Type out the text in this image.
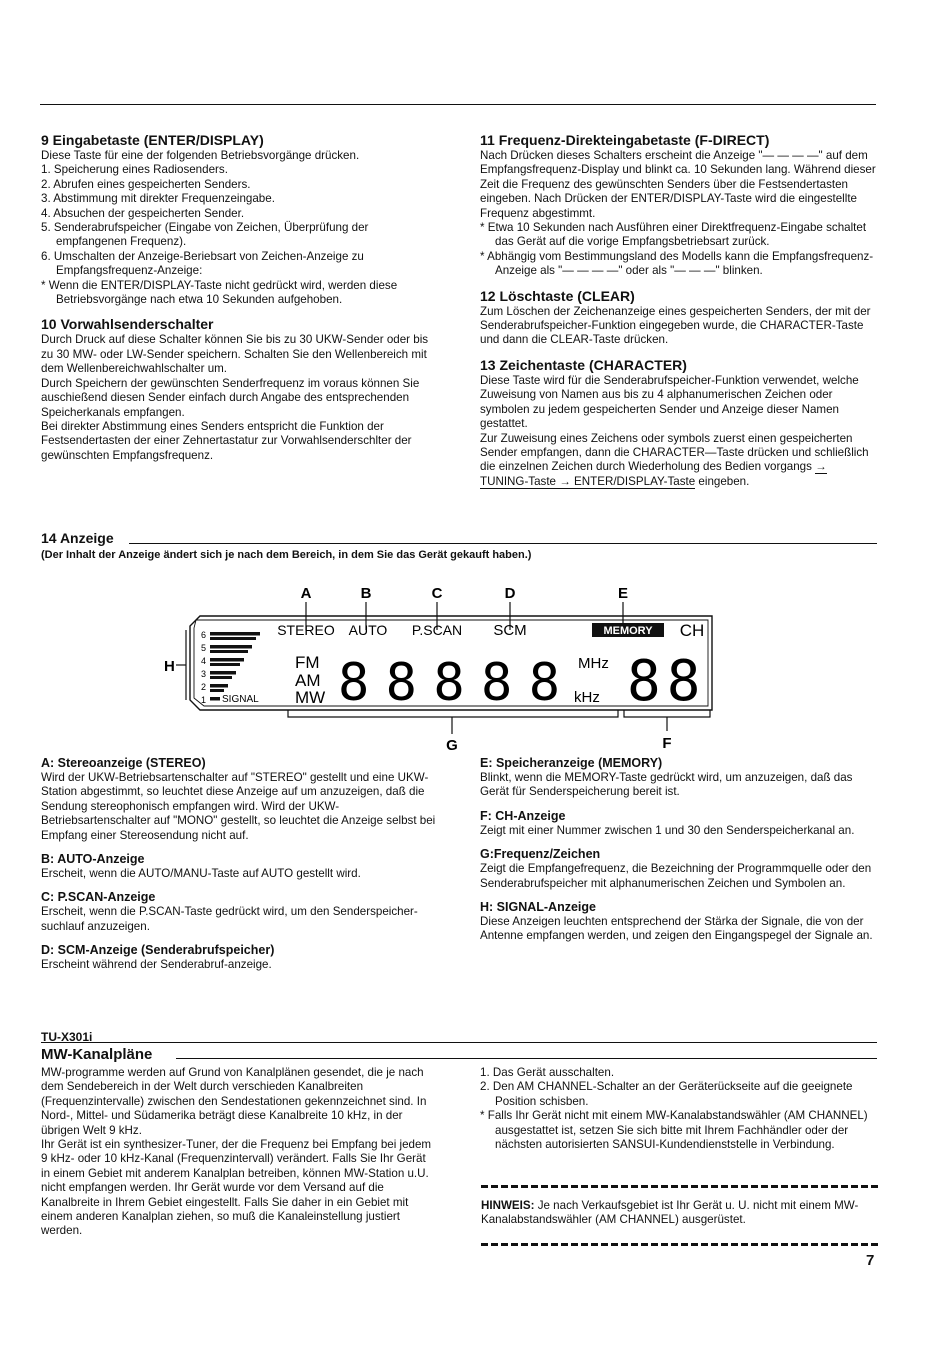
9 Eingabetaste (ENTER/DISPLAY)

Diese Taste für eine der folgenden Betriebsvorgänge drücken.

1. Speicherung eines Radiosenders.

2. Abrufen eines gespeicherten Senders.

3. Abstimmung mit direkter Frequenzeingabe.

4. Absuchen der gespeicherten Sender.

5. Senderabrufspeicher (Eingabe von Zeichen, Überprüfung der empfangenen Frequenz).

6. Umschalten der Anzeige-Beriebsart von Zeichen-Anzeige zu Empfangsfrequenz-Anzeige:

* Wenn die ENTER/DISPLAY-Taste nicht gedrückt wird, werden diese Betriebsvorgänge nach etwa 10 Sekunden aufgehoben.

10 Vorwahlsenderschalter

Durch Druck auf diese Schalter können Sie bis zu 30 UKW-Sender oder bis zu 30 MW- oder LW-Sender speichern. Schalten Sie den Wellenbereich mit dem Wellenbereichwahlschalter um.

Durch Speichern der gewünschten Senderfrequenz im voraus können Sie auschießend diesen Sender einfach durch Angabe des entsprechenden Speicherkanals empfangen.

Bei direkter Abstimmung eines Senders entspricht die Funktion der Festsendertasten der einer Zehnertastatur zur Vorwahlsenderschlter der gewünschten Empfangsfrequenz.

11 Frequenz-Direkteingabetaste (F-DIRECT)

Nach Drücken dieses Schalters erscheint die Anzeige "— — — —" auf dem Empfangsfrequenz-Display und blinkt ca. 10 Sekunden lang. Während dieser Zeit die Frequenz des gewünschten Senders über die Festsendertasten eingeben. Nach Drücken der ENTER/DISPLAY-Taste wird die eingestellte Frequenz abgestimmt.

* Etwa 10 Sekunden nach Ausführen einer Direktfrequenz-Eingabe schaltet das Gerät auf die vorige Empfangsbetriebsart zurück.

* Abhängig vom Bestimmungsland des Modells kann die Empfangsfrequenz-Anzeige als "— — — —" oder als "— — —" blinken.

12 Löschtaste (CLEAR)

Zum Löschen der Zeichenanzeige eines gespeicherten Senders, der mit der Senderabrufspeicher-Funktion eingegeben wurde, die CHARACTER-Taste und dann die CLEAR-Taste drücken.

13 Zeichentaste (CHARACTER)

Diese Taste wird für die Senderabrufspeicher-Funktion verwendet, welche Zuweisung von Namen aus bis zu 4 alphanumerischen Zeichen oder symbolen zu jedem gespeicherten Sender und Anzeige dieser Namen gestattet.

Zur Zuweisung eines Zeichens oder symbols zuerst einen gespeicherten Sender empfangen, dann die CHARACTER—Taste drücken und schließlich die einzelnen Zeichen durch Wiederholung des Bedien vorgangs → TUNING-Taste → ENTER/DISPLAY-Taste eingeben.

14 Anzeige
(Der Inhalt der Anzeige ändert sich je nach dem Bereich, in dem Sie das Gerät gekauft haben.)
A	B	C	D	E
H
6
5
4
3
2
1 SIGNAL
STEREO AUTO P.SCAN SCM	MEMORY CH
FM
AM
MW 88888 MHz
kHz 88
G	F

A: Stereoanzeige (STEREO)

Wird der UKW-Betriebsartenschalter auf "STEREO" gestellt und eine UKW-Station abgestimmt, so leuchtet diese Anzeige auf um anzuzeigen, daß die Sendung stereophonisch empfangen wird. Wird der UKW-Betriebsartenschalter auf "MONO" gestellt, so leuchtet die Anzeige selbst bei Empfang einer Stereosendung nicht auf.

B: AUTO-Anzeige

Erscheit, wenn die AUTO/MANU-Taste auf AUTO gestellt wird.

C: P.SCAN-Anzeige

Erscheit, wenn die P.SCAN-Taste gedrückt wird, um den Senderspeicher-suchlauf anzuzeigen.

D: SCM-Anzeige (Senderabrufspeicher)

Erscheint während der Senderabruf-anzeige.

E: Speicheranzeige (MEMORY)

Blinkt, wenn die MEMORY-Taste gedrückt wird, um anzuzeigen, daß das Gerät für Senderspeicherung bereit ist.

F: CH-Anzeige

Zeigt mit einer Nummer zwischen 1 und 30 den Senderspeicherkanal an.

G:Frequenz/Zeichen

Zeigt die Empfangefrequenz, die Bezeichning der Programmquelle oder den Senderabrufspeicher mit alphanumerischen Zeichen und Symbolen an.

H: SIGNAL-Anzeige

Diese Anzeigen leuchten entsprechend der Stärka der Signale, die von der Antenne empfangen werden, und zeigen den Eingangspegel der Signale an.

TU-X301i
MW-Kanalpläne

MW-programme werden auf Grund von Kanalplänen gesendet, die je nach dem Sendebereich in der Welt durch verschieden Kanalbreiten (Frequenzintervalle) zwischen den Sendestationen gekennzeichnet sind. In Nord-, Mittel- und Südamerika beträgt diese Kanalbreite 10 kHz, in der übrigen Welt 9 kHz.

Ihr Gerät ist ein synthesizer-Tuner, der die Frequenz bei Empfang bei jedem 9 kHz- oder 10 kHz-Kanal (Frequenzintervall) verändert. Falls Sie Ihr Gerät in einem Gebiet mit anderem Kanalplan betreiben, können MW-Station u.U. nicht empfangen werden. Ihr Gerät wurde vor dem Versand auf die Kanalbreite in Ihrem Gebiet eingestellt. Falls Sie daher in ein Gebiet mit einem anderen Kanalplan ziehen, so muß die Kanaleinstellung justiert werden.

1. Das Gerät ausschalten.

2. Den AM CHANNEL-Schalter an der Geräterückseite auf die geeignete Position schisben.

* Falls Ihr Gerät nicht mit einem MW-Kanalabstandswähler (AM CHANNEL) ausgestattet ist, setzen Sie sich bitte mit Ihrem Fachhändler oder der nächsten autorisierten SANSUI-Kundendienststelle in Verbindung.

HINWEIS: Je nach Verkaufsgebiet ist Ihr Gerät u. U. nicht mit einem MW-Kanalabstandswähler (AM CHANNEL) ausgerüstet.

7
